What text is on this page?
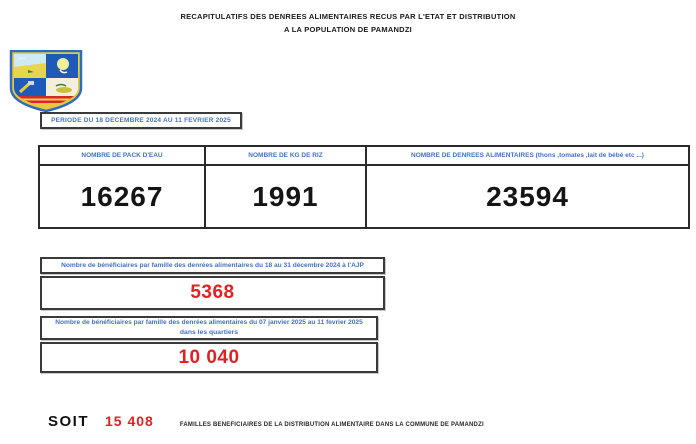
RECAPITULATIFS DES DENREES ALIMENTAIRES RECUS PAR L'ETAT ET DISTRIBUTION
A LA POPULATION DE PAMANDZI
PERIODE DU 18 DECEMBRE 2024 AU 11 FEVRIER 2025
NOMBRE DE PACK D'EAU
16267
NOMBRE DE KG DE RIZ
1991
NOMBRE DE DENREES ALIMENTAIRES (thons ,tomates ,lait de bébé etc ...)
23594
Nombre de bénéficiaires par famille des denrées alimentaires du 18 au 31 décembre 2024 à l'AJP
5368
Nombre de bénéficiaires par famille des denrées alimentaires du 07 janvier 2025 au 11 fevrier 2025
dans les quartiers
10 040
SOIT 15 408	FAMILLES BENEFICIAIRES DE LA DISTRIBUTION ALIMENTAIRE DANS LA COMMUNE DE PAMANDZI
